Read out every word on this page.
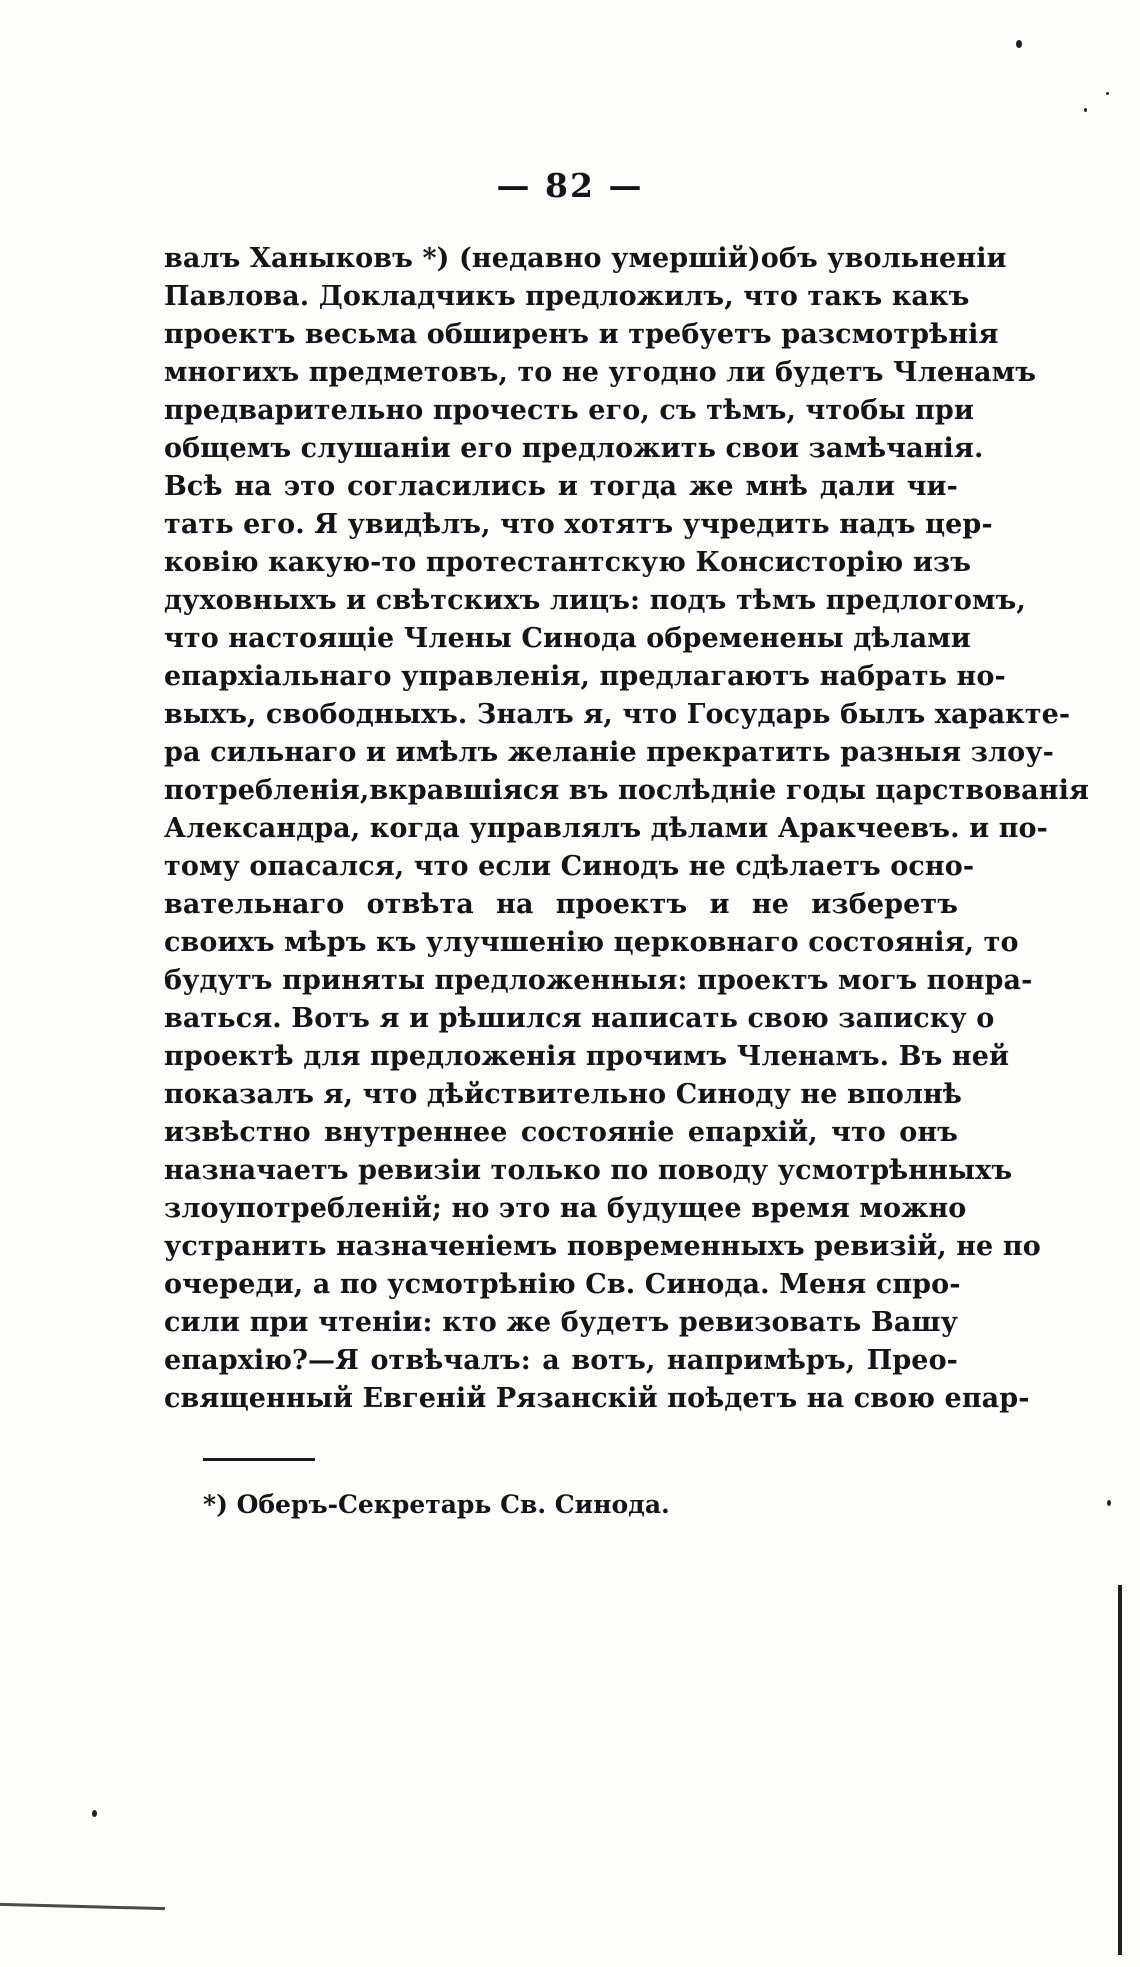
— 82 —
валъ Ханыковъ *) (недавно умершій)объ увольненіи
Павлова. Докладчикъ предложилъ, что такъ какъ
проектъ весьма обширенъ и требуетъ разсмотрѣнія
многихъ предметовъ, то не угодно ли будетъ Членамъ
предварительно прочесть его, съ тѣмъ, чтобы при
общемъ слушаніи его предложить свои замѣчанія.
Всѣ на это согласились и тогда же мнѣ дали чи-
тать его. Я увидѣлъ, что хотятъ учредить надъ цер-
ковію какую-то протестантскую Консисторію изъ
духовныхъ и свѣтскихъ лицъ: подъ тѣмъ предлогомъ,
что настоящіе Члены Синода обременены дѣлами
епархіальнаго управленія, предлагаютъ набрать но-
выхъ, свободныхъ. Зналъ я, что Государь былъ характе-
ра сильнаго и имѣлъ желаніе прекратить разныя злоу-
потребленія,вкравшіяся въ послѣдніе годы царствованія
Александра, когда управлялъ дѣлами Аракчеевъ. и по-
тому опасался, что если Синодъ не сдѣлаетъ осно-
вательнаго отвѣта на проектъ и не изберетъ
своихъ мѣръ къ улучшенію церковнаго состоянія, то
будутъ приняты предложенныя: проектъ могъ понра-
ваться. Вотъ я и рѣшился написать свою записку о
проектѣ для предложенія прочимъ Членамъ. Въ ней
показалъ я, что дѣйствительно Синоду не вполнѣ
извѣстно внутреннее состояніе епархій, что онъ
назначаетъ ревизіи только по поводу усмотрѣнныхъ
злоупотребленій; но это на будущее время можно
устранить назначеніемъ повременныхъ ревизій, не по
очереди, а по усмотрѣнію Св. Синода. Меня спро-
сили при чтеніи: кто же будетъ ревизовать Вашу
епархію?—Я отвѣчалъ: а вотъ, напримѣръ, Прео-
священный Евгеній Рязанскій поѣдетъ на свою епар-
*) Оберъ-Секретарь Св. Синода.
